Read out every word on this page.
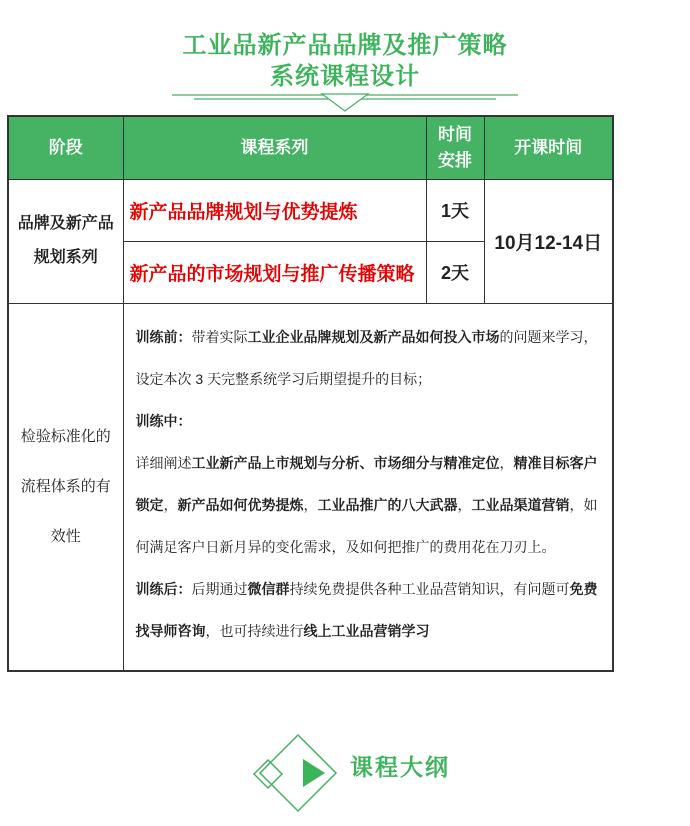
工业品新产品品牌及推广策略
系统课程设计
阶段	课程系列	时间安排	开课时间
品牌及新产品规划系列	新产品品牌规划与优势提炼	1天	10月12-14日
	新产品的市场规划与推广传播策略	2天	
检验标准化的流程体系的有效性	训练前：带着实际工业企业品牌规划及新产品如何投入市场的问题来学习，设定本次 3 天完整系统学习后期望提升的目标；

训练中：

详细阐述工业新产品上市规划与分析、市场细分与精准定位，精准目标客户锁定，新产品如何优势提炼，工业品推广的八大武器，工业品渠道营销，如何满足客户日新月异的变化需求，及如何把推广的费用花在刀刃上。

训练后：后期通过微信群持续免费提供各种工业品营销知识，有问题可免费找导师咨询，也可持续进行线上工业品营销学习		

课程大纲
